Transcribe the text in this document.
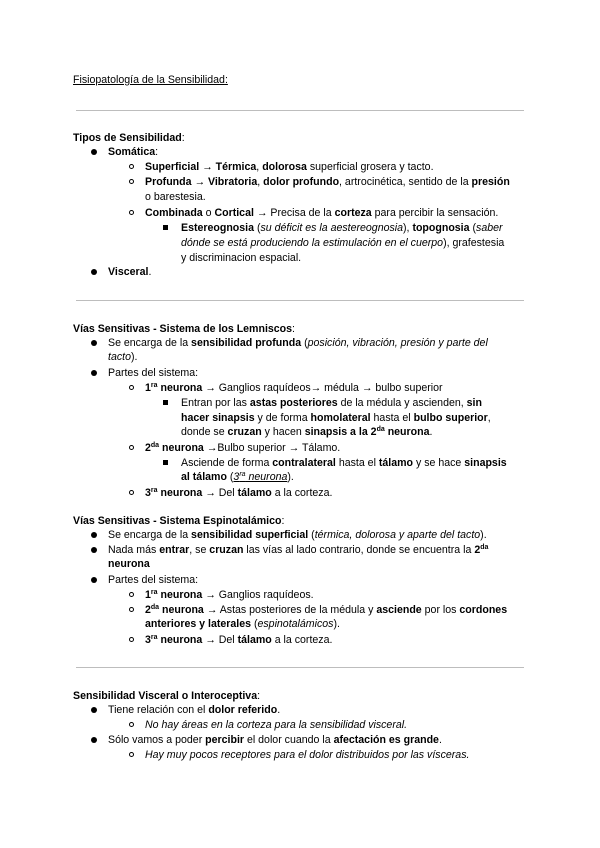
Fisiopatología de la Sensibilidad:
Tipos de Sensibilidad:
Somática:
Superficial → Térmica, dolorosa superficial grosera y tacto.
Profunda → Vibratoria, dolor profundo, artrocinética, sentido de la presión
o barestesia.
Combinada o Cortical → Precisa de la corteza para percibir la sensación.
Estereognosia (su déficit es la aestereognosia), topognosia (saber
dónde se está produciendo la estimulación en el cuerpo), grafestesia
y discriminacion espacial.
Visceral.
Vías Sensitivas - Sistema de los Lemniscos:
Se encarga de la sensibilidad profunda (posición, vibración, presión y parte del
tacto).
Partes del sistema:
$1^{ra}$ neurona → Ganglios raquídeos→ médula → bulbo superior
Entran por las astas posteriores de la médula y ascienden, sin
hacer sinapsis y de forma homolateral hasta el bulbo superior,
donde se cruzan y hacen sinapsis a la $2^{da}$ neurona.
$2^{da}$ neurona →Bulbo superior → Tálamo.
Asciende de forma contralateral hasta el tálamo y se hace sinapsis
al tálamo ($3^{ra}$ neurona).
$3^{ra}$ neurona → Del tálamo a la corteza.
Vías Sensitivas - Sistema Espinotalámico:
Se encarga de la sensibilidad superficial (térmica, dolorosa y aparte del tacto).
Nada más entrar, se cruzan las vías al lado contrario, donde se encuentra la $2^{da}$
neurona
Partes del sistema:
$1^{ra}$ neurona → Ganglios raquídeos.
$2^{da}$ neurona → Astas posteriores de la médula y asciende por los cordones
anteriores y laterales (espinotalámicos).
$3^{ra}$ neurona → Del tálamo a la corteza.
Sensibilidad Visceral o Interoceptiva:
Tiene relación con el dolor referido.
No hay áreas en la corteza para la sensibilidad visceral.
Sólo vamos a poder percibir el dolor cuando la afectación es grande.
Hay muy pocos receptores para el dolor distribuidos por las vísceras.
